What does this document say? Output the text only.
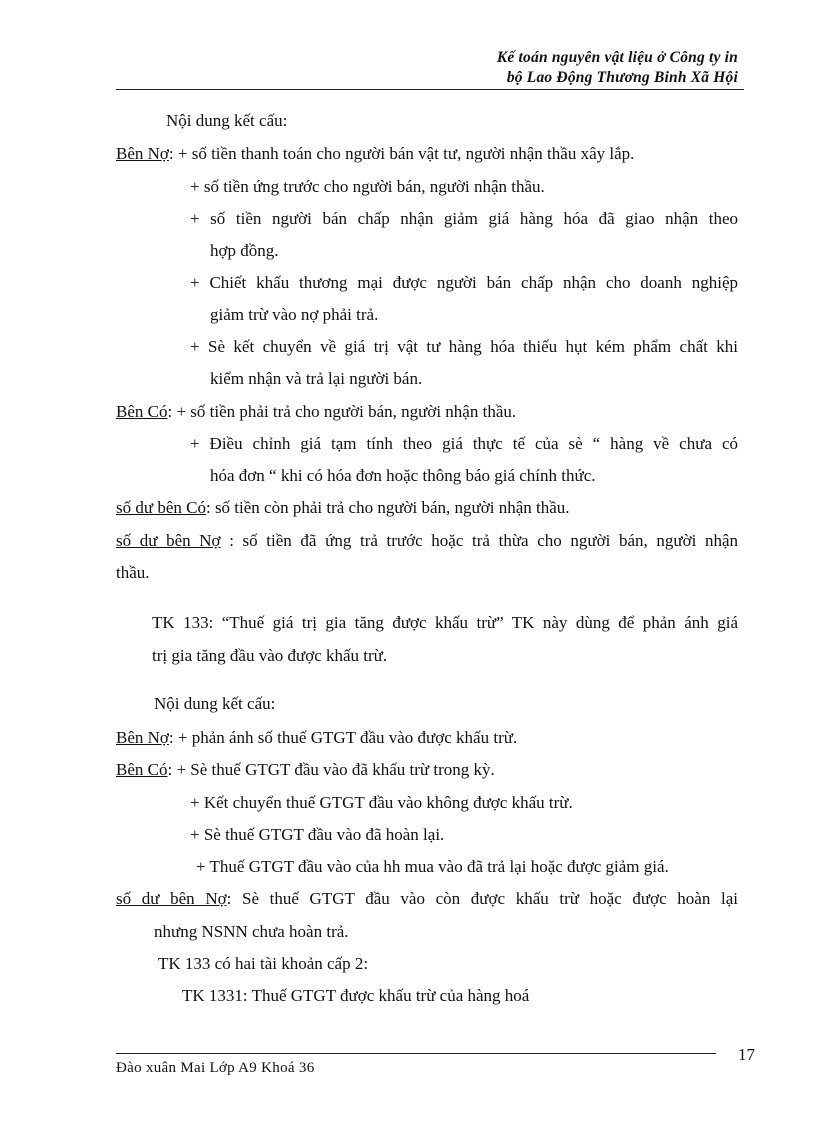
Kế toán nguyên vật liệu ở Công ty in
bộ Lao Động Thương Binh Xã Hội
Nội dung kết cấu:
Bên Nợ: + số tiền thanh toán cho người bán vật tư, người nhận thầu xây lắp.
+ số tiền ứng trước cho người bán, người nhận thầu.
+ số tiền người bán chấp nhận giảm giá hàng hóa đã giao nhận theo
hợp đồng.
+ Chiết khấu thương mại được người bán chấp nhận cho doanh nghiệp
giảm trừ vào nợ phải trả.
+ Sè kết chuyển về giá trị vật tư hàng hóa thiếu hụt kém phẩm chất khi
kiểm nhận và trả lại người bán.
Bên Có: + số tiền phải trả cho người bán, người nhận thầu.
+ Điều chỉnh giá tạm tính theo giá thực tế của sè “ hàng về chưa có
hóa đơn “ khi có hóa đơn hoặc thông báo giá chính thức.
số dư bên Có: số tiền còn phải trả cho người bán, người nhận thầu.
số dư bên Nợ : số tiền đã ứng trả trước hoặc trả thừa cho người bán, người nhận
thầu.
TK 133: “Thuế giá trị gia tăng được khấu trừ” TK này dùng để phản ánh giá
trị gia tăng đầu vào được khấu trừ.
Nội dung kết cấu:
Bên Nợ: + phản ánh số thuế GTGT đầu vào được khấu trừ.
Bên Có: + Sè thuế GTGT đầu vào đã khấu trừ trong kỳ.
+ Kết chuyển thuế GTGT đầu vào không được khấu trừ.
+ Sè thuế GTGT đầu vào đã hoàn lại.
+ Thuế GTGT đầu vào của hh mua vào đã trả lại hoặc được giảm giá.
số dư bên Nợ: Sè thuế GTGT đầu vào còn được khấu trừ hoặc được hoàn lại
nhưng NSNN chưa hoàn trả.
TK 133 có hai tài khoản cấp 2:
TK 1331: Thuế GTGT được khấu trừ của hàng hoá
17
Đào xuân Mai Lớp A9 Khoá 36
